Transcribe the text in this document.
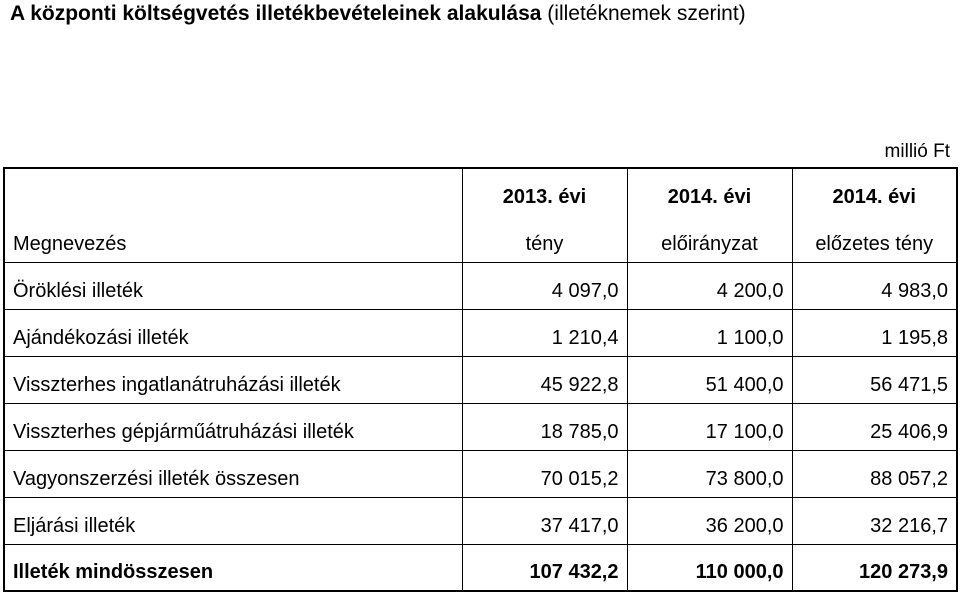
A központi költségvetés illetékbevételeinek alakulása (illetéknemek szerint)
millió Ft
	2013. évi	2014. évi	2014. évi
Megnevezés	tény	előirányzat	előzetes tény
Öröklési illeték	4 097,0	4 200,0	4 983,0
Ajándékozási illeték	1 210,4	1 100,0	1 195,8
Visszterhes ingatlanátruházási illeték	45 922,8	51 400,0	56 471,5
Visszterhes gépjárműátruházási illeték	18 785,0	17 100,0	25 406,9
Vagyonszerzési illeték összesen	70 015,2	73 800,0	88 057,2
Eljárási illeték	37 417,0	36 200,0	32 216,7
Illeték mindösszesen	107 432,2	110 000,0	120 273,9
